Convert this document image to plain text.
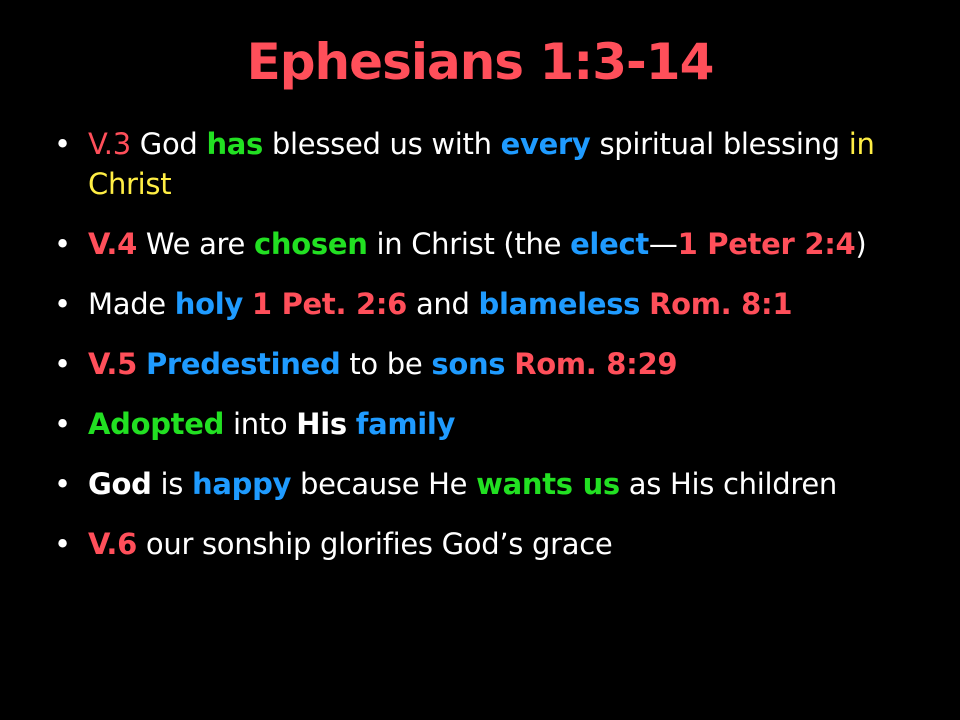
Ephesians 1:3-14
• V.3 God has blessed us with every spiritual blessing in Christ
• V.4 We are chosen in Christ (the elect—1 Peter 2:4)
• Made holy 1 Pet. 2:6 and blameless Rom. 8:1
• V.5 Predestined to be sons Rom. 8:29
• Adopted into His family
• God is happy because He wants us as His children
• V.6 our sonship glorifies God’s grace
